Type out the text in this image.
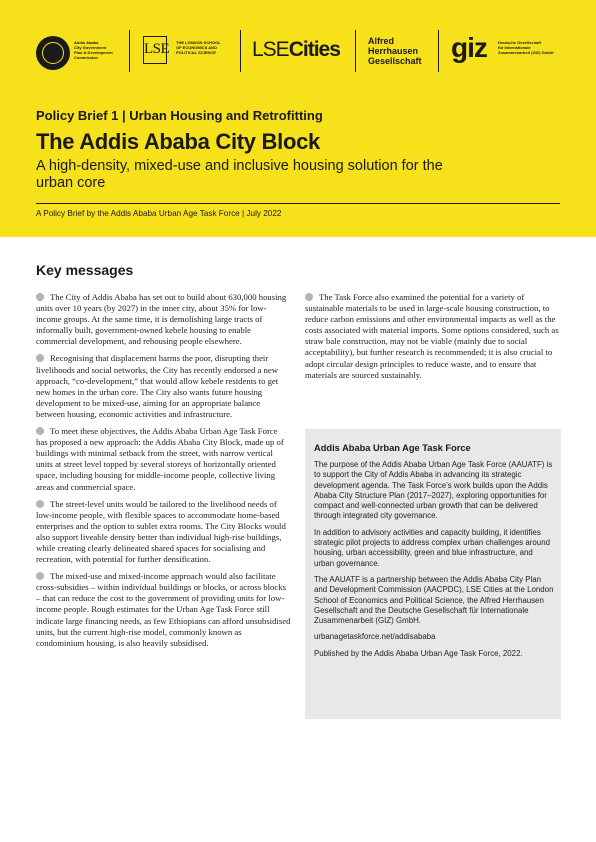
Addis Ababa
City Government
Plan & Development
Commission
LSE THE LONDON SCHOOL
OF ECONOMICS AND
POLITICAL SCIENCE LSECities	Alfred
Herrhausen
Gesellschaft giz	Deutsche Gesellschaft
für Internationale
Zusammenarbeit (GIZ) GmbH
Policy Brief 1 | Urban Housing and Retrofitting
The Addis Ababa City Block
A high-density, mixed-use and inclusive housing solution for the urban core
A Policy Brief by the Addis Ababa Urban Age Task Force | July 2022
Key messages

The City of Addis Ababa has set out to build about 630,000 housing units over 10 years (by 2027) in the inner city, about 35% for low-income groups. At the same time, it is demolishing large tracts of informally built, government-owned kebele housing to enable commercial development, and rehousing people elsewhere.

Recognising that displacement harms the poor, disrupting their livelihoods and social networks, the City has recently endorsed a new approach, “co-development,” that would allow kebele residents to get new homes in the urban core. The City also wants future housing development to be mixed-use, aiming for an appropriate balance between housing, economic activities and infrastructure.

To meet these objectives, the Addis Ababa Urban Age Task Force has proposed a new approach: the Addis Ababa City Block, made up of buildings with minimal setback from the street, with narrow vertical units at street level topped by several storeys of horizontally oriented space, including housing for middle-income people, collective living areas and commercial space.

The street-level units would be tailored to the livelihood needs of low-income people, with flexible spaces to accommodate home-based enterprises and the option to sublet extra rooms. The City Blocks would also support liveable density better than individual high-rise buildings, while creating clearly delineated shared spaces for socialising and recreation, with potential for further densification.

The mixed-use and mixed-income approach would also facilitate cross-subsidies – within individual buildings or blocks, or across blocks – that can reduce the cost to the government of providing units for low-income people. Rough estimates for the Urban Age Task Force still indicate large financing needs, as few Ethiopians can afford unsubsidised units, but the current high-rise model, commonly known as condominium housing, is also heavily subsidised.

The Task Force also examined the potential for a variety of sustainable materials to be used in large-scale housing construction, to reduce carbon emissions and other environmental impacts as well as the costs associated with material imports. Some options considered, such as straw bale construction, may not be viable (mainly due to social acceptability), but further research is recommended; it is also crucial to adopt circular design principles to reduce waste, and to ensure that materials are sourced sustainably.

Addis Ababa Urban Age Task Force

The purpose of the Addis Ababa Urban Age Task Force (AAUATF) is to support the City of Addis Ababa in advancing its strategic development agenda. The Task Force’s work builds upon the Addis Ababa City Structure Plan (2017–2027), exploring opportunities for compact and well-connected urban growth that can be delivered through integrated city governance.

In addition to advisory activities and capacity building, it identifies strategic pilot projects to address complex urban challenges around housing, urban accessibility, green and blue infrastructure, and urban governance.

The AAUATF is a partnership between the Addis Ababa City Plan and Development Commission (AACPDC), LSE Cities at the London School of Economics and Political Science, the Alfred Herrhausen Gesellschaft and the Deutsche Gesellschaft für Internationale Zusammenarbeit (GIZ) GmbH.

urbanagetaskforce.net/addisababa

Published by the Addis Ababa Urban Age Task Force, 2022.
